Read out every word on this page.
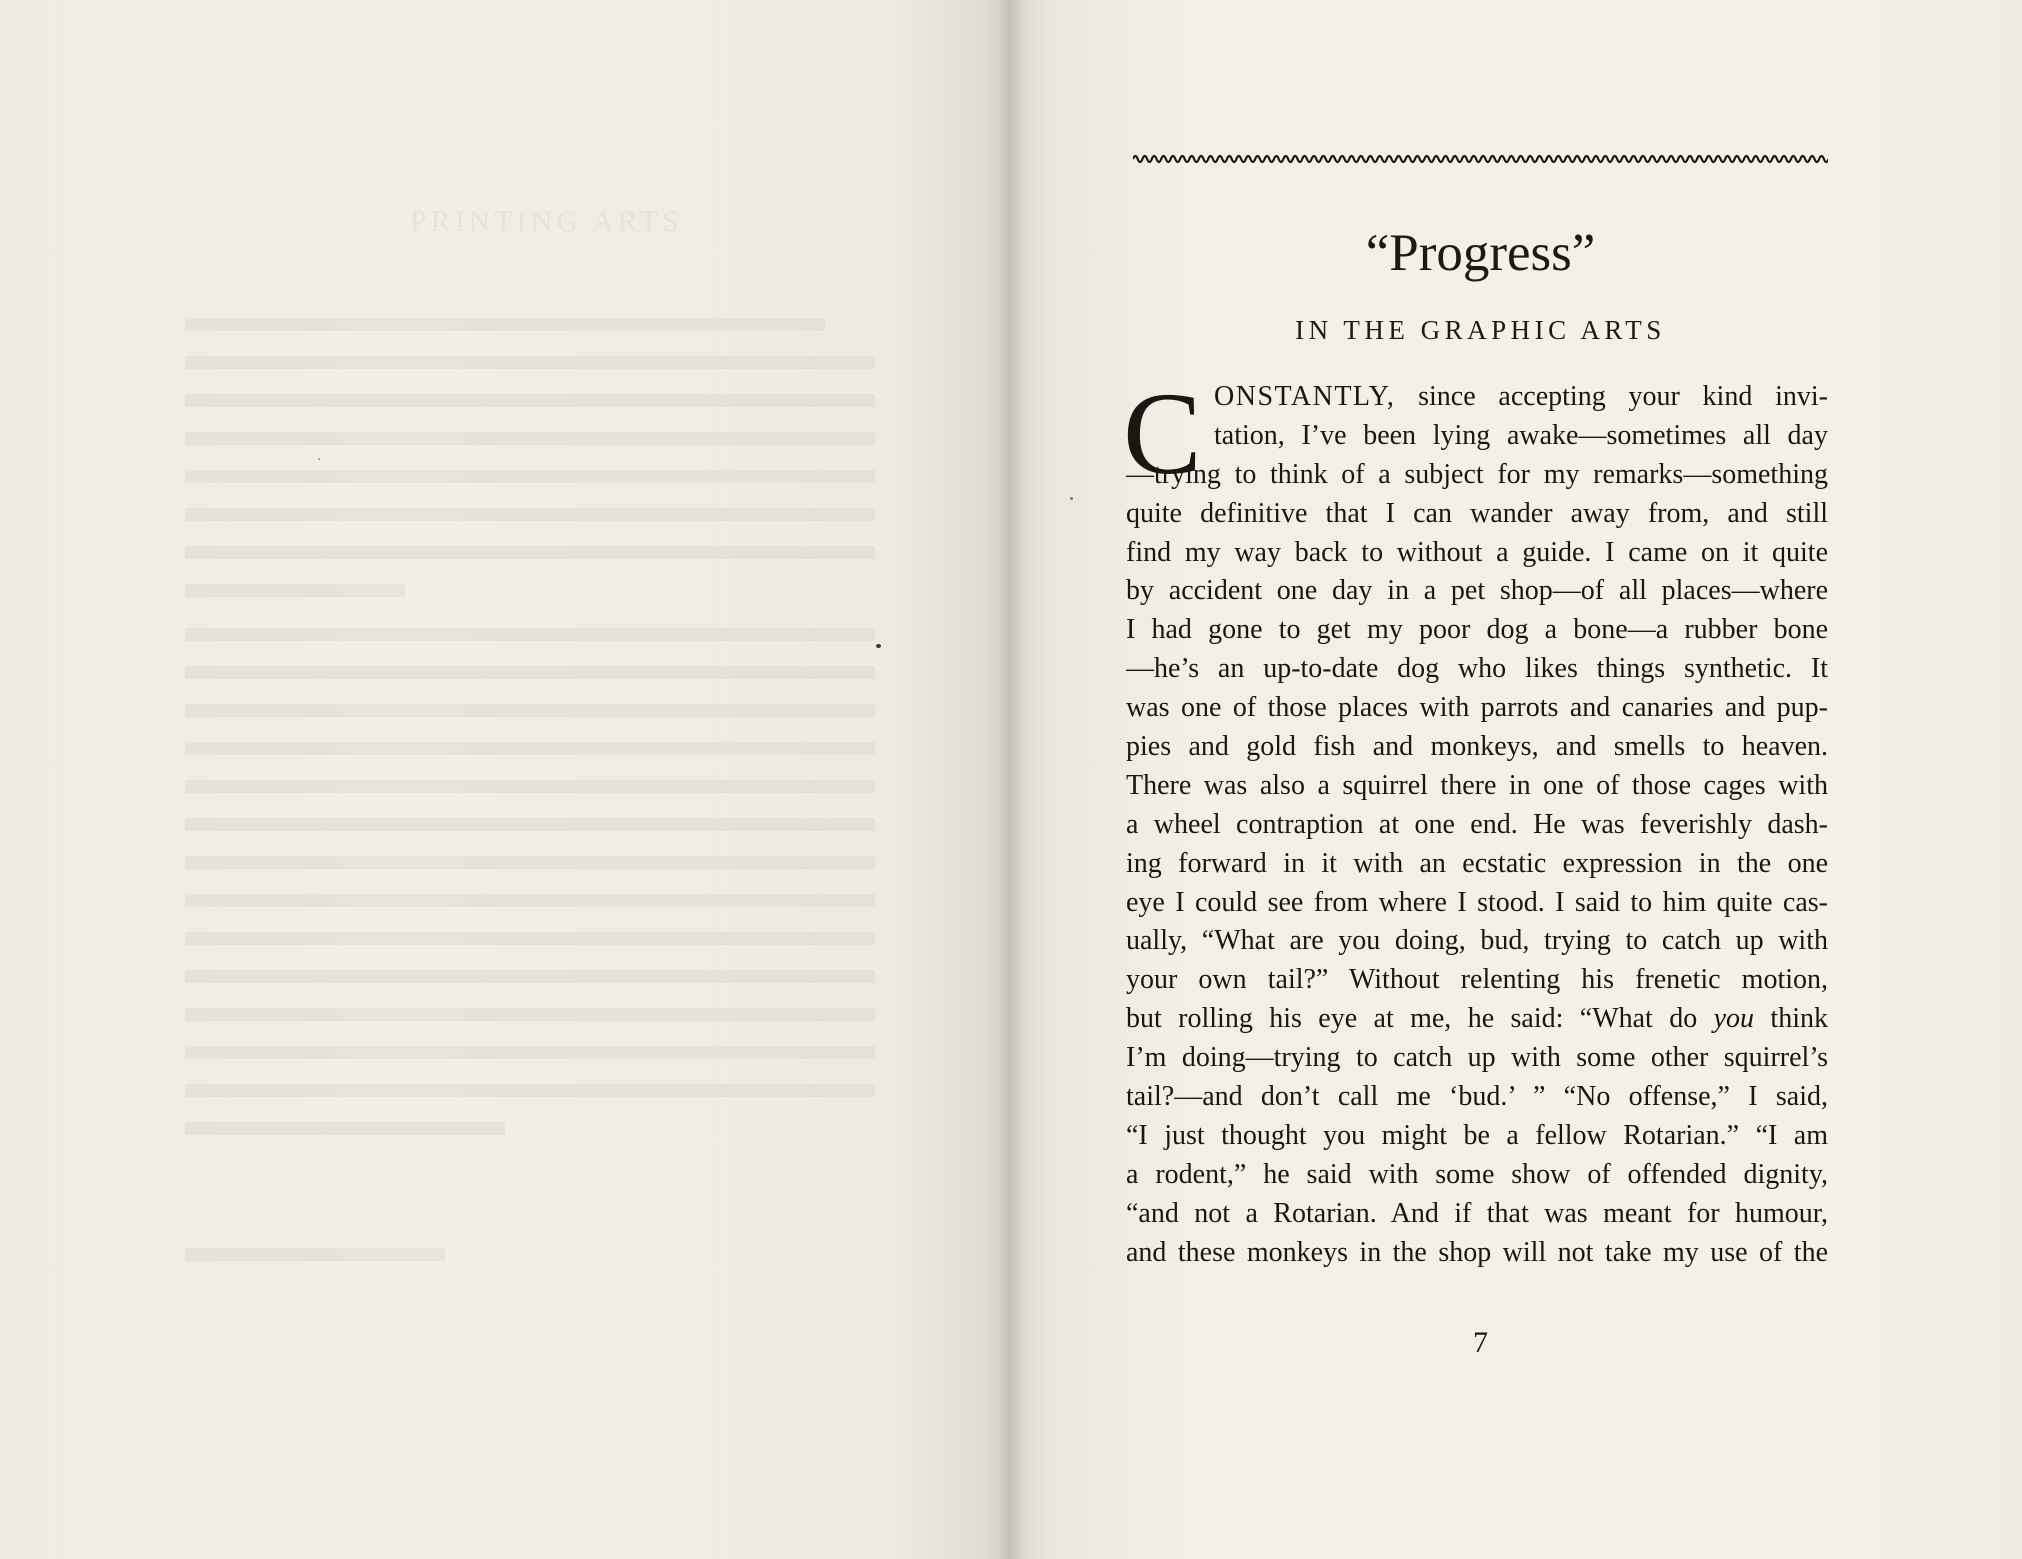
PRINTING ARTS
“Progress”
IN THE GRAPHIC ARTS
C ONSTANTLY, since accepting your kind invi-
tation, I’ve been lying awake—sometimes all day
—trying to think of a subject for my remarks—something
quite definitive that I can wander away from, and still
find my way back to without a guide. I came on it quite
by accident one day in a pet shop—of all places—where
I had gone to get my poor dog a bone—a rubber bone
—he’s an up-to-date dog who likes things synthetic. It
was one of those places with parrots and canaries and pup-
pies and gold fish and monkeys, and smells to heaven.
There was also a squirrel there in one of those cages with
a wheel contraption at one end. He was feverishly dash-
ing forward in it with an ecstatic expression in the one
eye I could see from where I stood. I said to him quite cas-
ually, “What are you doing, bud, trying to catch up with
your own tail?” Without relenting his frenetic motion,
but rolling his eye at me, he said: “What do you think
I’m doing—trying to catch up with some other squirrel’s
tail?—and don’t call me ‘bud.’ ” “No offense,” I said,
“I just thought you might be a fellow Rotarian.” “I am
a rodent,” he said with some show of offended dignity,
“and not a Rotarian. And if that was meant for humour,
and these monkeys in the shop will not take my use of the
7
